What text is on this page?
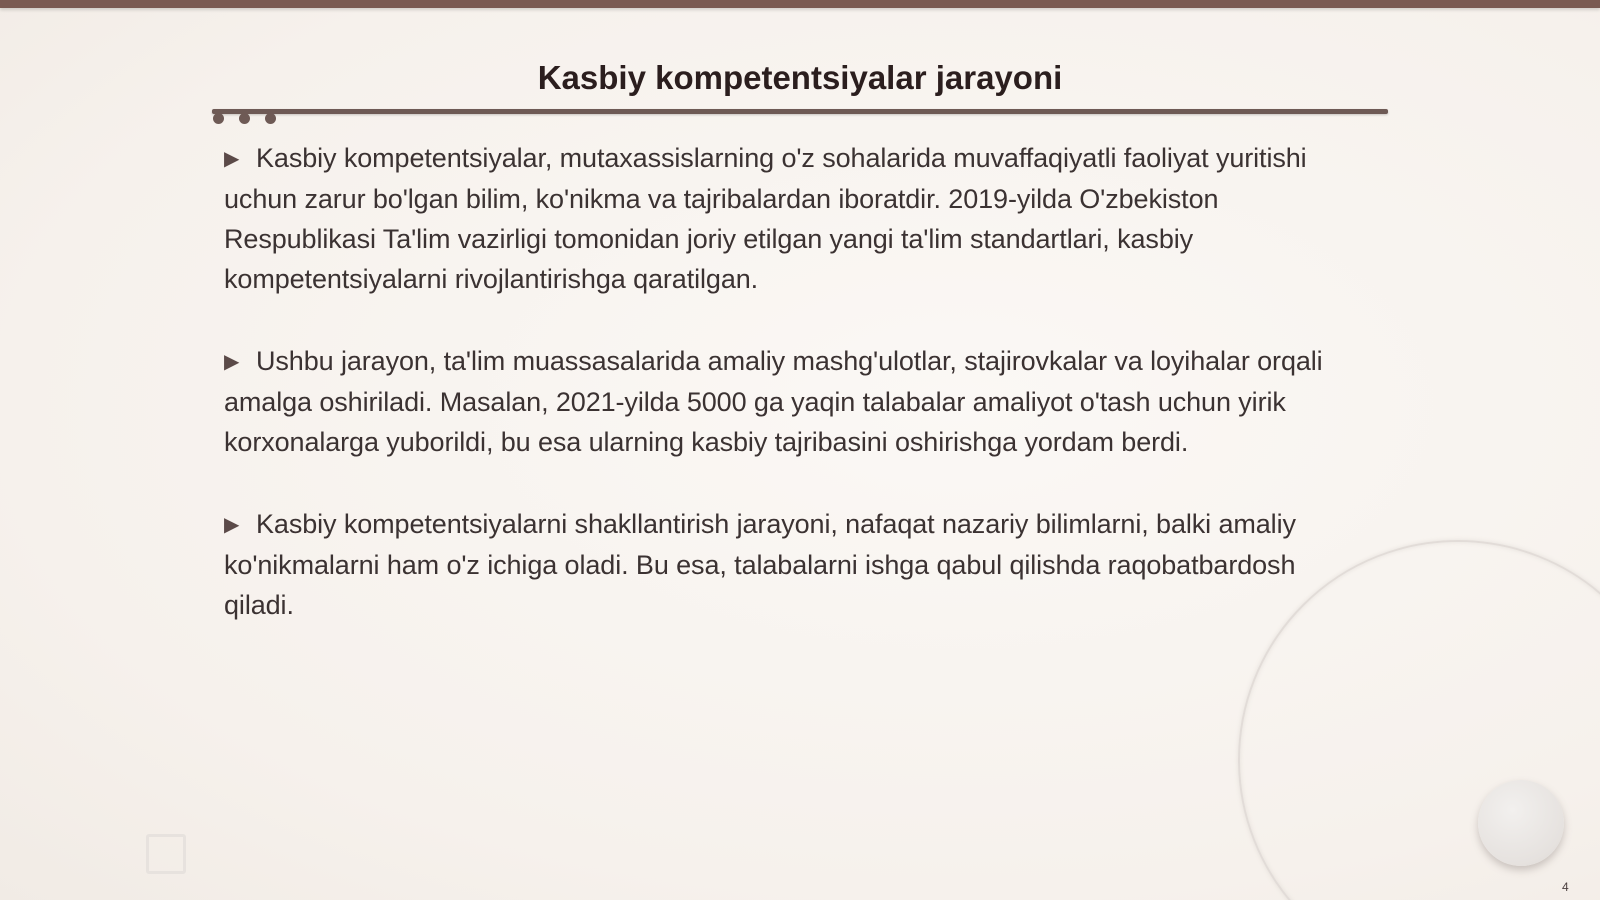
Kasbiy kompetentsiyalar jarayoni

▶ Kasbiy kompetentsiyalar, mutaxassislarning o'z sohalarida muvaffaqiyatli faoliyat yuritishi uchun zarur bo'lgan bilim, ko'nikma va tajribalardan iboratdir. 2019-yilda O'zbekiston Respublikasi Ta'lim vazirligi tomonidan joriy etilgan yangi ta'lim standartlari, kasbiy kompetentsiyalarni rivojlantirishga qaratilgan.

▶ Ushbu jarayon, ta'lim muassasalarida amaliy mashg'ulotlar, stajirovkalar va loyihalar orqali amalga oshiriladi. Masalan, 2021-yilda 5000 ga yaqin talabalar amaliyot o'tash uchun yirik korxonalarga yuborildi, bu esa ularning kasbiy tajribasini oshirishga yordam berdi.

▶ Kasbiy kompetentsiyalarni shakllantirish jarayoni, nafaqat nazariy bilimlarni, balki amaliy ko'nikmalarni ham o'z ichiga oladi. Bu esa, talabalarni ishga qabul qilishda raqobatbardosh qiladi.

4
